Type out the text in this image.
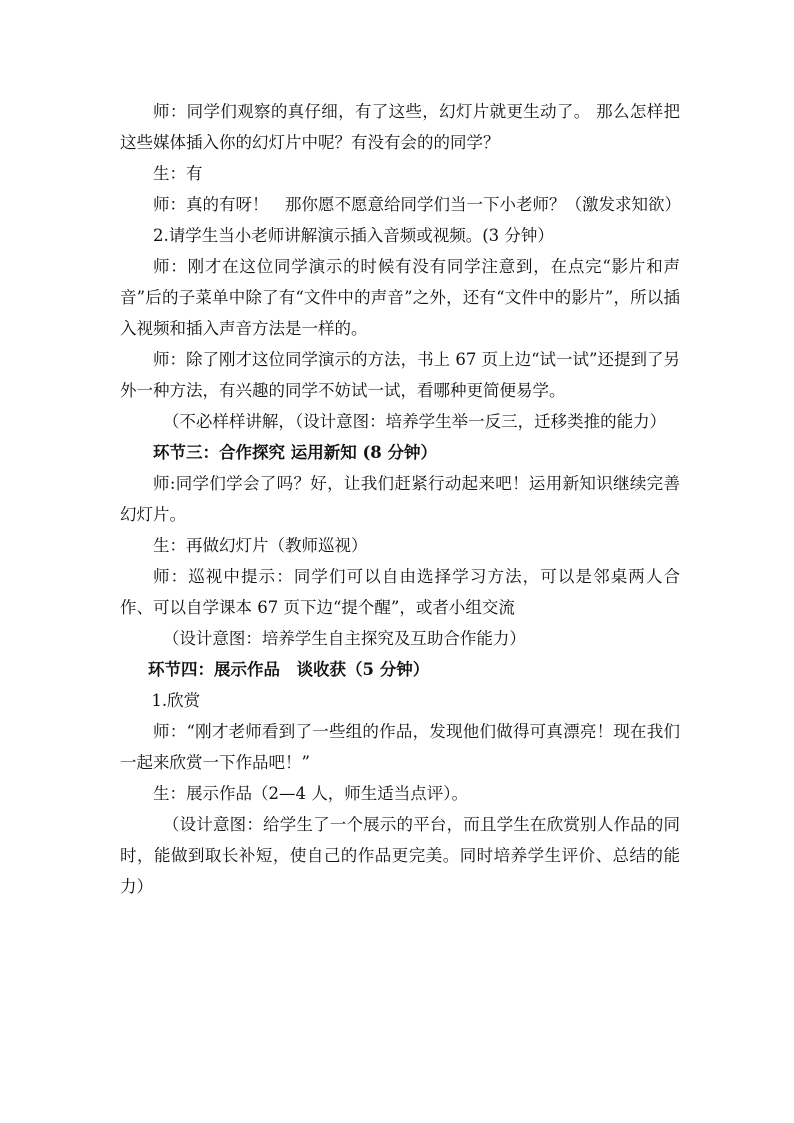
师：同学们观察的真仔细，有了这些，幻灯片就更生动了。 那么怎样把这些媒体插入你的幻灯片中呢？有没有会的的同学？

生：有

师：真的有呀！　那你愿不愿意给同学们当一下小老师？（激发求知欲）

2.请学生当小老师讲解演示插入音频或视频。(3 分钟）

师：刚才在这位同学演示的时候有没有同学注意到，在点完“影片和声音”后的子菜单中除了有“文件中的声音”之外，还有“文件中的影片”，所以插入视频和插入声音方法是一样的。

师：除了刚才这位同学演示的方法，书上 67 页上边“试一试”还提到了另外一种方法，有兴趣的同学不妨试一试，看哪种更简便易学。

（不必样样讲解，（设计意图：培养学生举一反三，迁移类推的能力）

环节三：合作探究 运用新知 (8 分钟）

师:同学们学会了吗？好，让我们赶紧行动起来吧！运用新知识继续完善幻灯片。

生：再做幻灯片（教师巡视）

师：巡视中提示：同学们可以自由选择学习方法，可以是邻桌两人合作、可以自学课本 67 页下边“提个醒”，或者小组交流

（设计意图：培养学生自主探究及互助合作能力）

环节四：展示作品　谈收获（5 分钟）

1.欣赏

师：“刚才老师看到了一些组的作品，发现他们做得可真漂亮！现在我们一起来欣赏一下作品吧！”

生：展示作品（2—4 人，师生适当点评）。

（设计意图：给学生了一个展示的平台，而且学生在欣赏别人作品的同时，能做到取长补短，使自己的作品更完美。同时培养学生评价、总结的能力）
